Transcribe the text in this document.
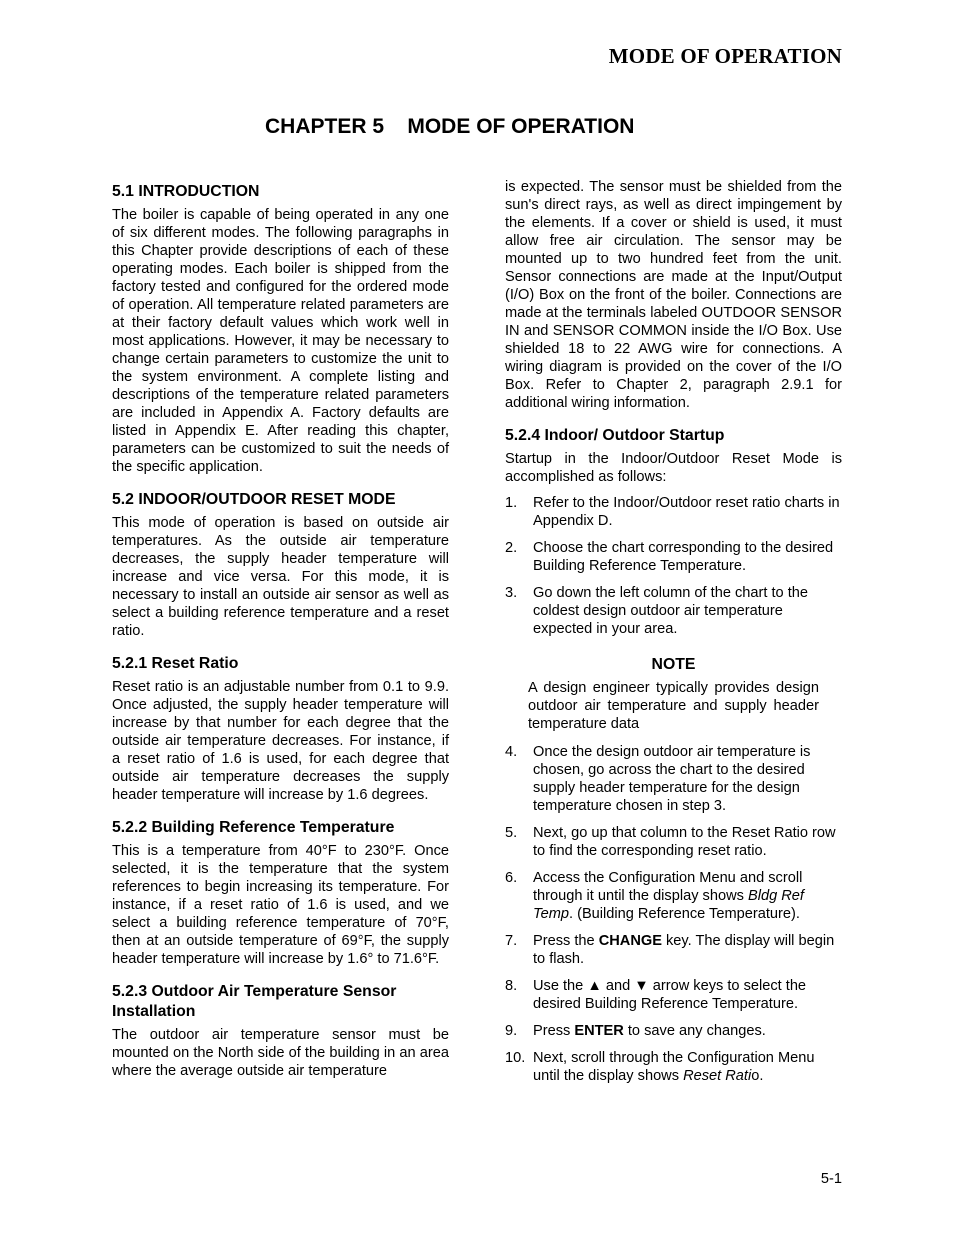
MODE OF OPERATION
CHAPTER 5    MODE OF OPERATION
5.1 INTRODUCTION

The boiler is capable of being operated in any one of six different modes. The following paragraphs in this Chapter provide descriptions of each of these operating modes. Each boiler is shipped from the factory tested and configured for the ordered mode of operation. All temperature related parameters are at their factory default values which work well in most applications. However, it may be necessary to change certain parameters to customize the unit to the system environment. A complete listing and descriptions of the temperature related parameters are included in Appendix A. Factory defaults are listed in Appendix E. After reading this chapter, parameters can be customized to suit the needs of the specific application.

5.2 INDOOR/OUTDOOR RESET MODE

This mode of operation is based on outside air temperatures. As the outside air temperature decreases, the supply header temperature will increase and vice versa. For this mode, it is necessary to install an outside air sensor as well as select a building reference temperature and a reset ratio.

5.2.1 Reset Ratio

Reset ratio is an adjustable number from 0.1 to 9.9. Once adjusted, the supply header temperature will increase by that number for each degree that the outside air temperature decreases. For instance, if a reset ratio of 1.6 is used, for each degree that outside air temperature decreases the supply header temperature will increase by 1.6 degrees.

5.2.2 Building Reference Temperature

This is a temperature from 40°F to 230°F. Once selected, it is the temperature that the system references to begin increasing its temperature. For instance, if a reset ratio of 1.6 is used, and we select a building reference temperature of 70°F, then at an outside temperature of 69°F, the supply header temperature will increase by 1.6° to 71.6°F.

5.2.3 Outdoor Air Temperature Sensor Installation

The outdoor air temperature sensor must be mounted on the North side of the building in an area where the average outside air temperature

is expected. The sensor must be shielded from the sun's direct rays, as well as direct impingement by the elements. If a cover or shield is used, it must allow free air circulation. The sensor may be mounted up to two hundred feet from the unit. Sensor connections are made at the Input/Output (I/O) Box on the front of the boiler. Connections are made at the terminals labeled OUTDOOR SENSOR IN and SENSOR COMMON inside the I/O Box. Use shielded 18 to 22 AWG wire for connections. A wiring diagram is provided on the cover of the I/O Box. Refer to Chapter 2, paragraph 2.9.1 for additional wiring information.

5.2.4 Indoor/ Outdoor Startup

Startup in the Indoor/Outdoor Reset Mode is accomplished as follows:

1.	Refer to the Indoor/Outdoor reset ratio charts in Appendix D.
2.	Choose the chart corresponding to the desired Building Reference Temperature.
3.	Go down the left column of the chart to the coldest design outdoor air temperature expected in your area.
NOTE
A design engineer typically provides design outdoor air temperature and supply header temperature data
4.	Once the design outdoor air temperature is chosen, go across the chart to the desired supply header temperature for the design temperature chosen in step 3.
5.	Next, go up that column to the Reset Ratio row to find the corresponding reset ratio.
6.	Access the Configuration Menu and scroll through it until the display shows Bldg Ref Temp. (Building Reference Temperature).
7.	Press the CHANGE key. The display will begin to flash.
8.	Use the ▲ and ▼ arrow keys to select the desired Building Reference Temperature.
9.	Press ENTER to save any changes.
10. Next, scroll through the Configuration Menu until the display shows Reset Ratio.
5-1
